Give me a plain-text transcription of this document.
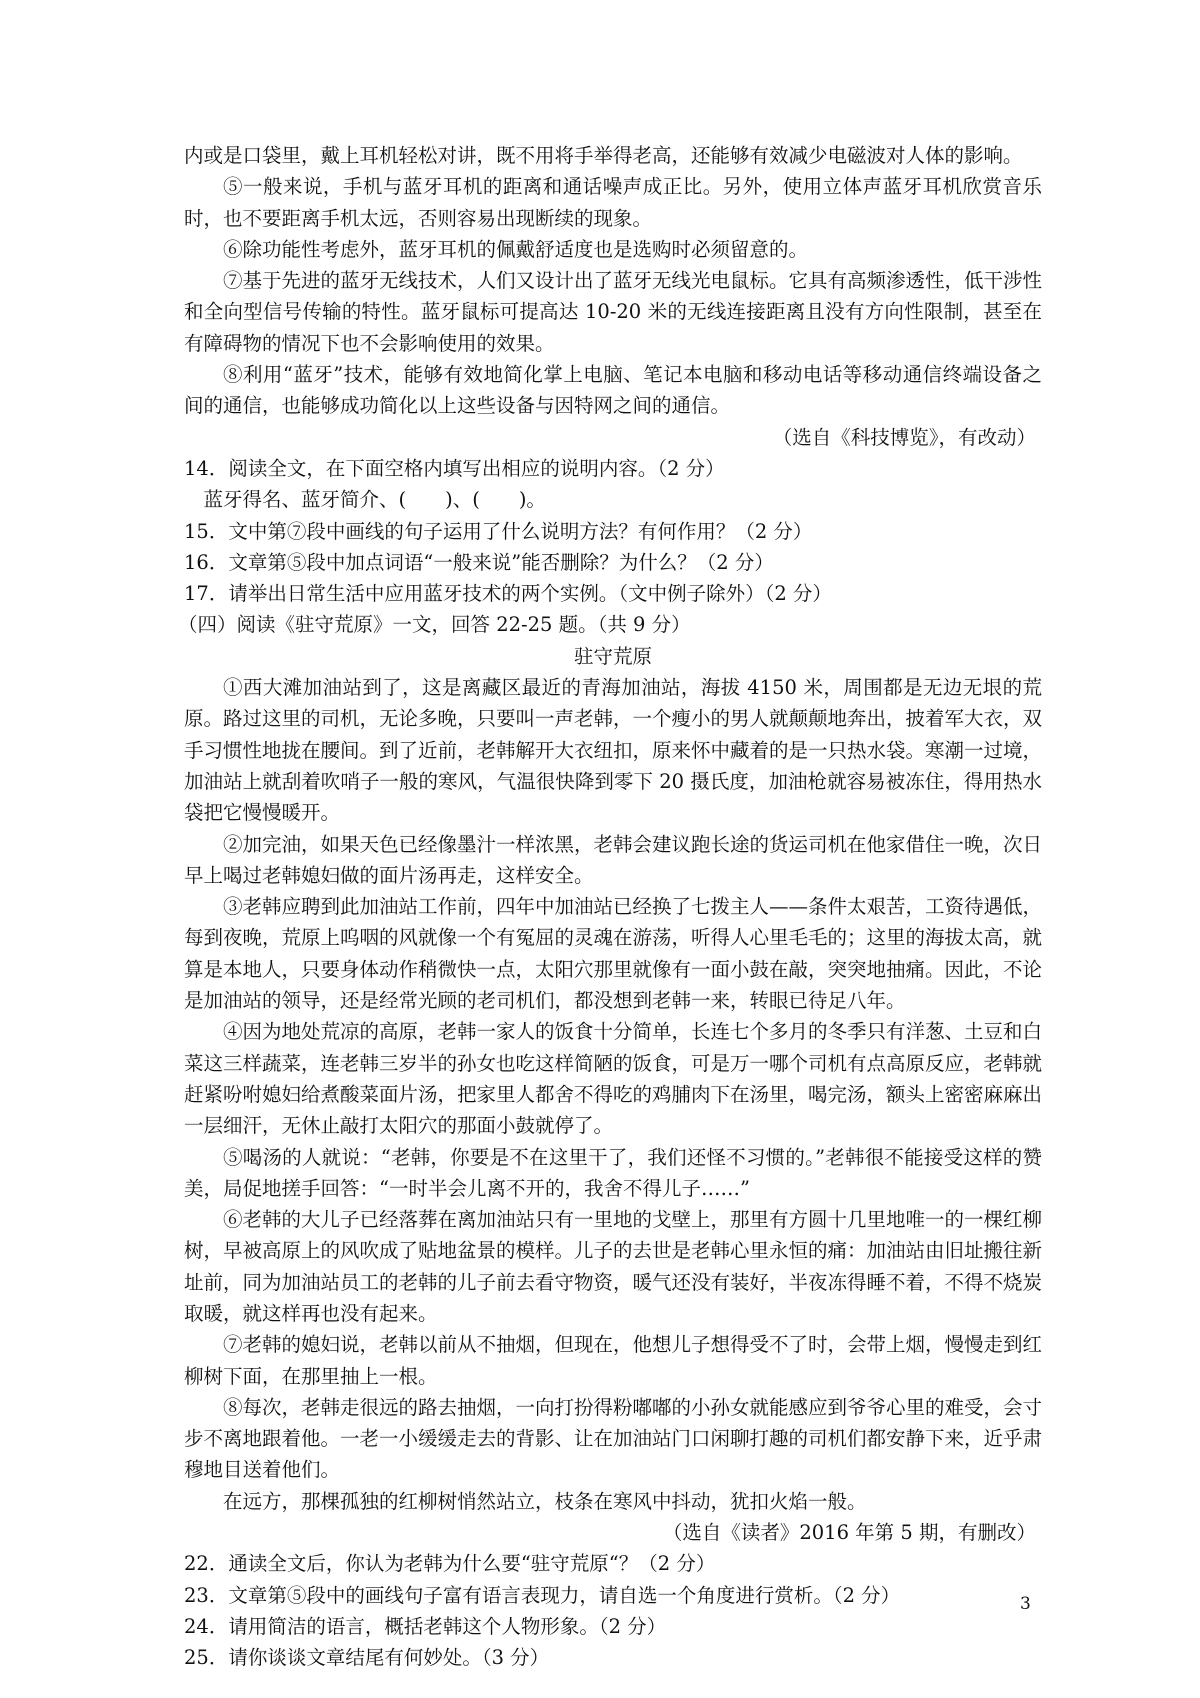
内或是口袋里，戴上耳机轻松对讲，既不用将手举得老高，还能够有效减少电磁波对人体的影响。

⑤一般来说，手机与蓝牙耳机的距离和通话噪声成正比。另外，使用立体声蓝牙耳机欣赏音乐时，也不要距离手机太远，否则容易出现断续的现象。

⑥除功能性考虑外，蓝牙耳机的佩戴舒适度也是选购时必须留意的。

⑦基于先进的蓝牙无线技术，人们又设计出了蓝牙无线光电鼠标。它具有高频渗透性，低干涉性和全向型信号传输的特性。蓝牙鼠标可提高达 10-20 米的无线连接距离且没有方向性限制，甚至在有障碍物的情况下也不会影响使用的效果。

⑧利用“蓝牙”技术，能够有效地简化掌上电脑、笔记本电脑和移动电话等移动通信终端设备之间的通信，也能够成功简化以上这些设备与因特网之间的通信。

（选自《科技博览》，有改动）

14．阅读全文，在下面空格内填写出相应的说明内容。（2 分）

蓝牙得名、蓝牙简介、(　　)、(　　)。

15．文中第⑦段中画线的句子运用了什么说明方法？有何作用？（2 分）

16．文章第⑤段中加点词语“一般来说”能否删除？为什么？（2 分）

17．请举出日常生活中应用蓝牙技术的两个实例。（文中例子除外）（2 分）

（四）阅读《驻守荒原》一文，回答 22-25 题。（共 9 分）

驻守荒原

①西大滩加油站到了，这是离藏区最近的青海加油站，海拔 4150 米，周围都是无边无垠的荒原。路过这里的司机，无论多晚，只要叫一声老韩，一个瘦小的男人就颠颠地奔出，披着军大衣，双手习惯性地拢在腰间。到了近前，老韩解开大衣纽扣，原来怀中藏着的是一只热水袋。寒潮一过境，加油站上就刮着吹哨子一般的寒风，气温很快降到零下 20 摄氏度，加油枪就容易被冻住，得用热水袋把它慢慢暖开。

②加完油，如果天色已经像墨汁一样浓黑，老韩会建议跑长途的货运司机在他家借住一晚，次日早上喝过老韩媳妇做的面片汤再走，这样安全。

③老韩应聘到此加油站工作前，四年中加油站已经换了七拨主人——条件太艰苦，工资待遇低，每到夜晚，荒原上呜咽的风就像一个有冤屈的灵魂在游荡，听得人心里毛毛的；这里的海拔太高，就算是本地人，只要身体动作稍微快一点，太阳穴那里就像有一面小鼓在敲，突突地抽痛。因此，不论是加油站的领导，还是经常光顾的老司机们，都没想到老韩一来，转眼已待足八年。

④因为地处荒凉的高原，老韩一家人的饭食十分简单，长连七个多月的冬季只有洋葱、土豆和白菜这三样蔬菜，连老韩三岁半的孙女也吃这样简陋的饭食，可是万一哪个司机有点高原反应，老韩就赶紧吩咐媳妇给煮酸菜面片汤，把家里人都舍不得吃的鸡脯肉下在汤里，喝完汤，额头上密密麻麻出一层细汗，无休止敲打太阳穴的那面小鼓就停了。

⑤喝汤的人就说：“老韩，你要是不在这里干了，我们还怪不习惯的。”老韩很不能接受这样的赞美，局促地搓手回答：“一时半会儿离不开的，我舍不得儿子……”

⑥老韩的大儿子已经落葬在离加油站只有一里地的戈壁上，那里有方圆十几里地唯一的一棵红柳树，早被高原上的风吹成了贴地盆景的模样。儿子的去世是老韩心里永恒的痛：加油站由旧址搬往新址前，同为加油站员工的老韩的儿子前去看守物资，暖气还没有装好，半夜冻得睡不着，不得不烧炭取暖，就这样再也没有起来。

⑦老韩的媳妇说，老韩以前从不抽烟，但现在，他想儿子想得受不了时，会带上烟，慢慢走到红柳树下面，在那里抽上一根。

⑧每次，老韩走很远的路去抽烟，一向打扮得粉嘟嘟的小孙女就能感应到爷爷心里的难受，会寸步不离地跟着他。一老一小缓缓走去的背影、让在加油站门口闲聊打趣的司机们都安静下来，近乎肃穆地目送着他们。

在远方，那棵孤独的红柳树悄然站立，枝条在寒风中抖动，犹扣火焰一般。

（选自《读者》2016 年第 5 期，有删改）

22．通读全文后，你认为老韩为什么要“驻守荒原“？（2 分）

23．文章第⑤段中的画线句子富有语言表现力，请自选一个角度进行赏析。（2 分）

24．请用简洁的语言，概括老韩这个人物形象。（2 分）

25．请你谈谈文章结尾有何妙处。（3 分）

3
